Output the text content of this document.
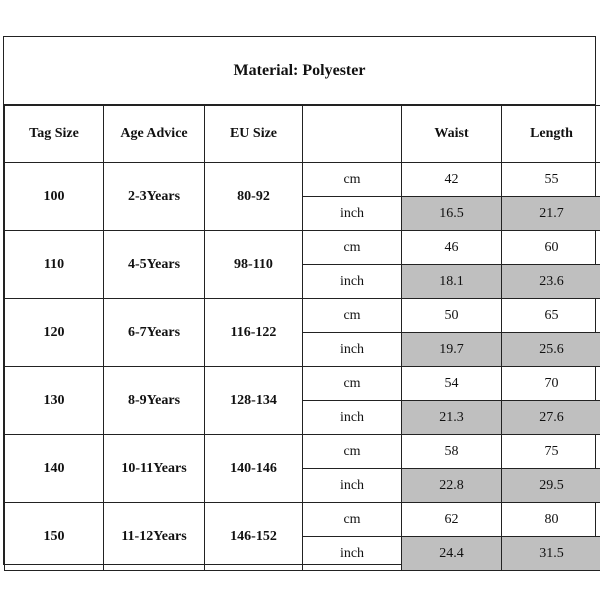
Material: Polyester
Tag Size	Age Advice	EU Size		Waist	Length
100	2-3Years	80-92	cm	42	55
			inch	16.5	21.7

110	4-5Years	98-110	cm	46	60
			inch	18.1	23.6

120	6-7Years	116-122	cm	50	65
			inch	19.7	25.6

130	8-9Years	128-134	cm	54	70
			inch	21.3	27.6

140	10-11Years	140-146	cm	58	75
			inch	22.8	29.5

150	11-12Years	146-152	cm	62	80
			inch	24.4	31.5
